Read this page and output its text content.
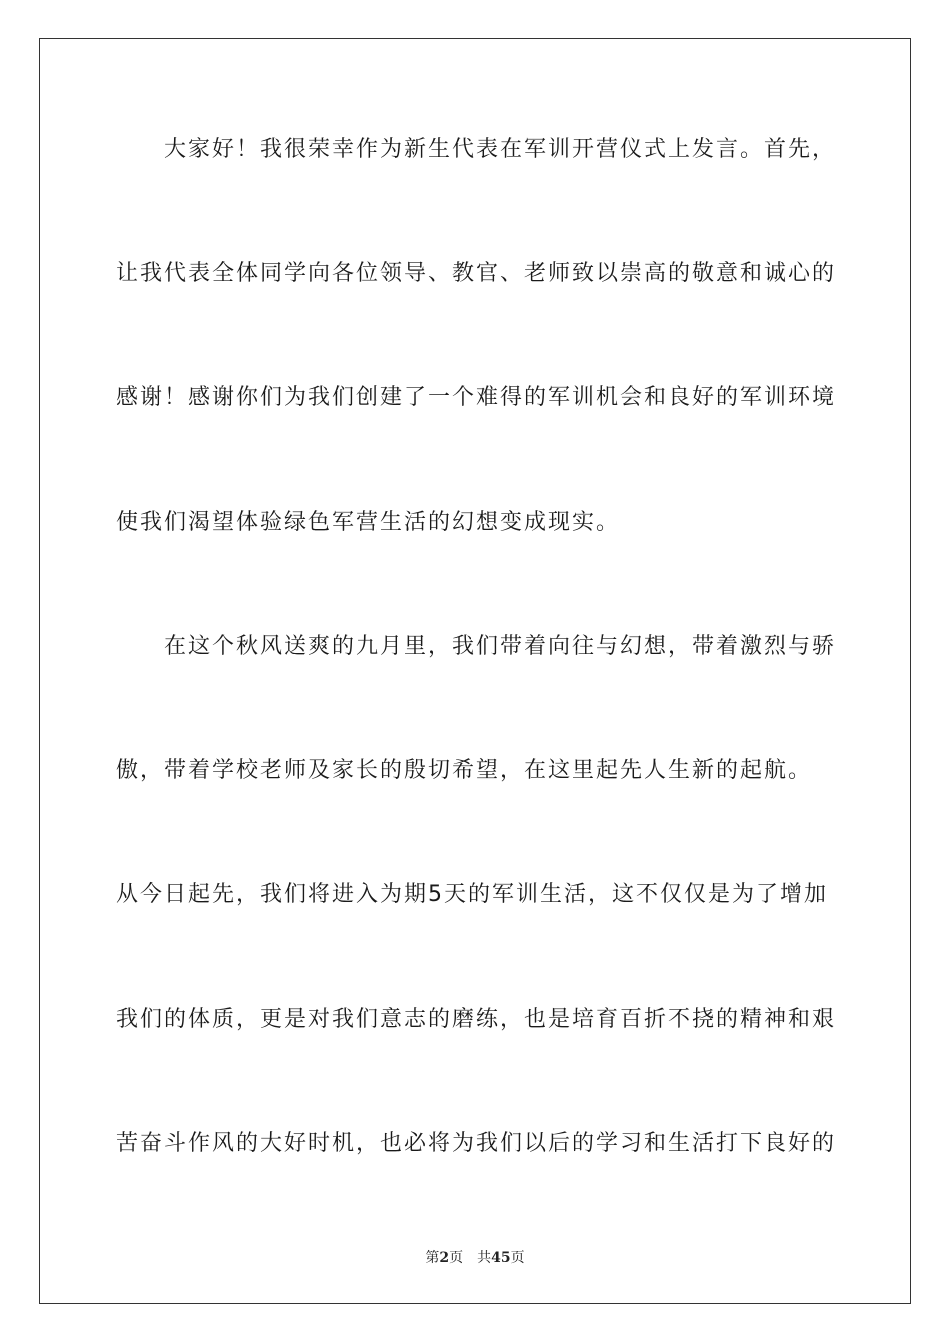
　　大家好！我很荣幸作为新生代表在军训开营仪式上发言。首先，
让我代表全体同学向各位领导、教官、老师致以崇高的敬意和诚心的
感谢！感谢你们为我们创建了一个难得的军训机会和良好的军训环境
使我们渴望体验绿色军营生活的幻想变成现实。
　　在这个秋风送爽的九月里，我们带着向往与幻想，带着激烈与骄
傲，带着学校老师及家长的殷切希望，在这里起先人生新的起航。
从今日起先，我们将进入为期5天的军训生活，这不仅仅是为了增加
我们的体质，更是对我们意志的磨练，也是培育百折不挠的精神和艰
苦奋斗作风的大好时机，也必将为我们以后的学习和生活打下良好的
第2页 共45页
